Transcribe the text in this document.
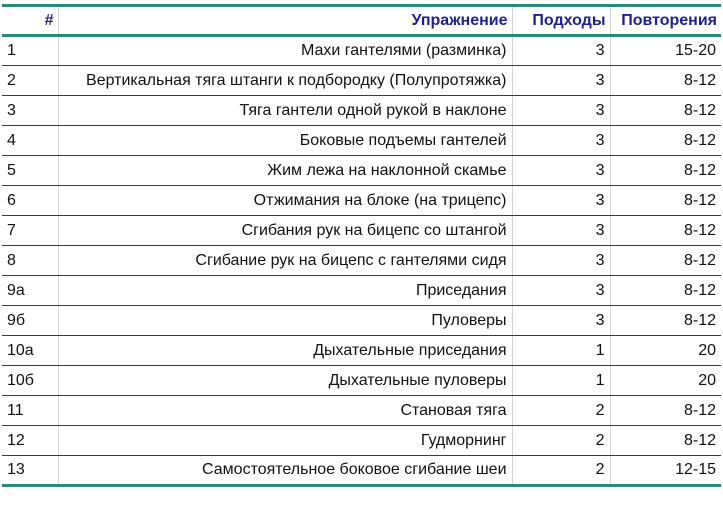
#	Упражнение	Подходы	Повторения
1	Махи гантелями (разминка)	3	15-20
2	Вертикальная тяга штанги к подбородку (Полупротяжка)	3	8-12
3	Тяга гантели одной рукой в наклоне	3	8-12
4	Боковые подъемы гантелей	3	8-12
5	Жим лежа на наклонной скамье	3	8-12
6	Отжимания на блоке (на трицепс)	3	8-12
7	Сгибания рук на бицепс со штангой	3	8-12
8	Сгибание рук на бицепс с гантелями сидя	3	8-12
9а	Приседания	3	8-12
9б	Пуловеры	3	8-12
10а	Дыхательные приседания	1	20
10б	Дыхательные пуловеры	1	20
11	Становая тяга	2	8-12
12	Гудморнинг	2	8-12
13	Самостоятельное боковое сгибание шеи	2	12-15
